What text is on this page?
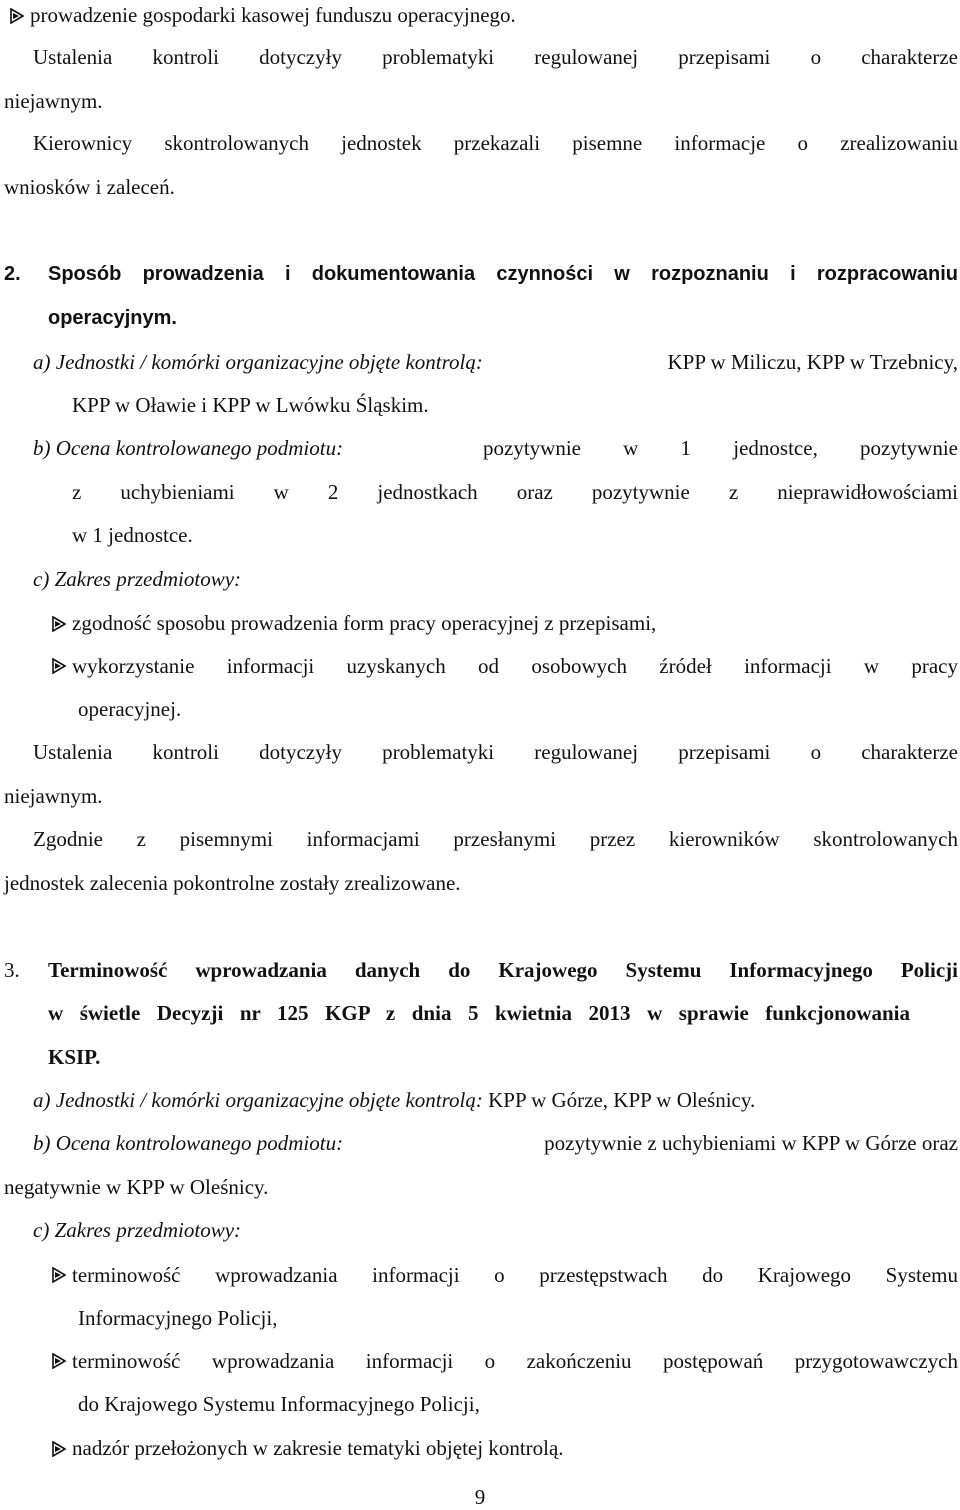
prowadzenie gospodarki kasowej funduszu operacyjnego.
Ustalenia kontroli dotyczyły problematyki regulowanej przepisami o charakterze
niejawnym.
Kierownicy skontrolowanych jednostek przekazali pisemne informacje o zrealizowaniu
wniosków i zaleceń.
2. Sposób prowadzenia i dokumentowania czynności w rozpoznaniu i rozpracowaniu
operacyjnym.
a) Jednostki / komórki organizacyjne objęte kontrolą:	KPP w Miliczu, KPP w Trzebnicy,
KPP w Oławie i KPP w Lwówku Śląskim.
b) Ocena kontrolowanego podmiotu:	pozytywnie w 1 jednostce, pozytywnie
z uchybieniami w 2 jednostkach oraz pozytywnie z nieprawidłowościami
w 1 jednostce.
c) Zakres przedmiotowy:
zgodność sposobu prowadzenia form pracy operacyjnej z przepisami,
wykorzystanie informacji uzyskanych od osobowych źródeł informacji w pracy
operacyjnej.
Ustalenia kontroli dotyczyły problematyki regulowanej przepisami o charakterze
niejawnym.
Zgodnie z pisemnymi informacjami przesłanymi przez kierowników skontrolowanych
jednostek zalecenia pokontrolne zostały zrealizowane.
3. Terminowość wprowadzania danych do Krajowego Systemu Informacyjnego Policji
w świetle Decyzji nr 125 KGP z dnia 5 kwietnia 2013 w sprawie funkcjonowania
KSIP.
a) Jednostki / komórki organizacyjne objęte kontrolą: KPP w Górze, KPP w Oleśnicy.
b) Ocena kontrolowanego podmiotu:	pozytywnie z uchybieniami w KPP w Górze oraz
negatywnie w KPP w Oleśnicy.
c) Zakres przedmiotowy:
terminowość wprowadzania informacji o przestępstwach do Krajowego Systemu
Informacyjnego Policji,
terminowość wprowadzania informacji o zakończeniu postępowań przygotowawczych
do Krajowego Systemu Informacyjnego Policji,
nadzór przełożonych w zakresie tematyki objętej kontrolą.
9
